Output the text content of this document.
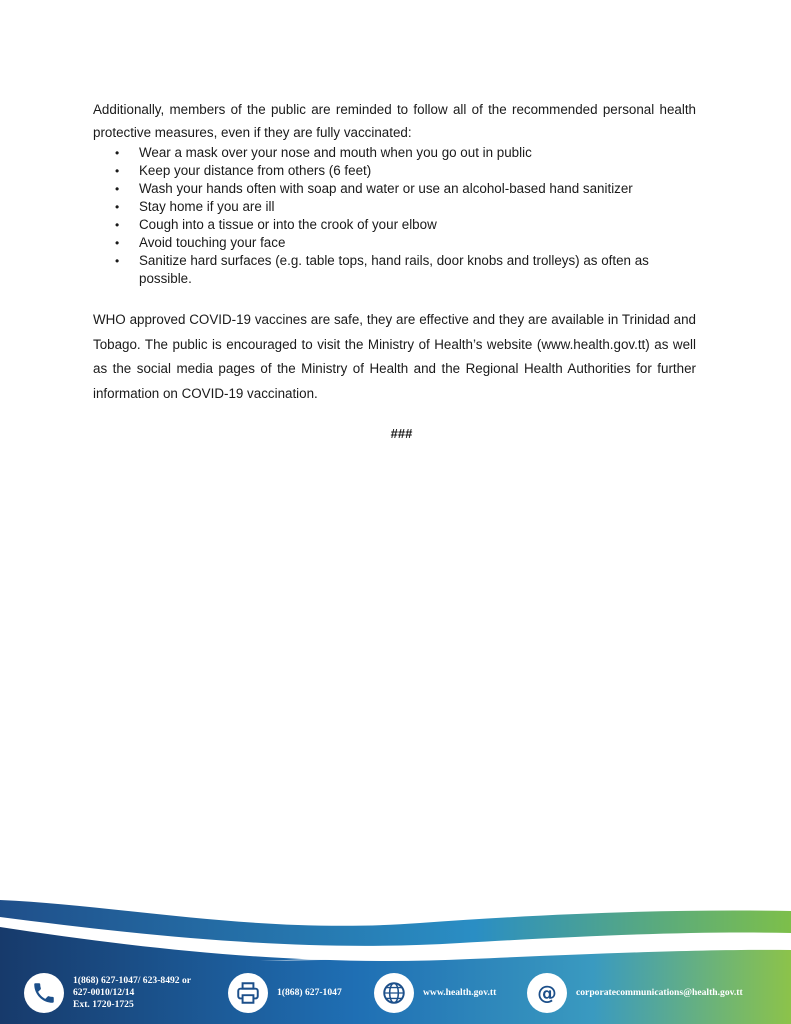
Additionally, members of the public are reminded to follow all of the recommended personal health protective measures, even if they are fully vaccinated:

• Wear a mask over your nose and mouth when you go out in public
• Keep your distance from others (6 feet)
• Wash your hands often with soap and water or use an alcohol-based hand sanitizer
• Stay home if you are ill
• Cough into a tissue or into the crook of your elbow
• Avoid touching your face
• Sanitize hard surfaces (e.g. table tops, hand rails, door knobs and trolleys) as often as possible.

WHO approved COVID-19 vaccines are safe, they are effective and they are available in Trinidad and Tobago. The public is encouraged to visit the Ministry of Health’s website (www.health.gov.tt) as well as the social media pages of the Ministry of Health and the Regional Health Authorities for further information on COVID-19 vaccination.

###
1(868) 627-1047/ 623-8492 or
627-0010/12/14
Ext. 1720-1725
1(868) 627-1047	www.health.gov.tt @ corporatecommunications@health.gov.tt
